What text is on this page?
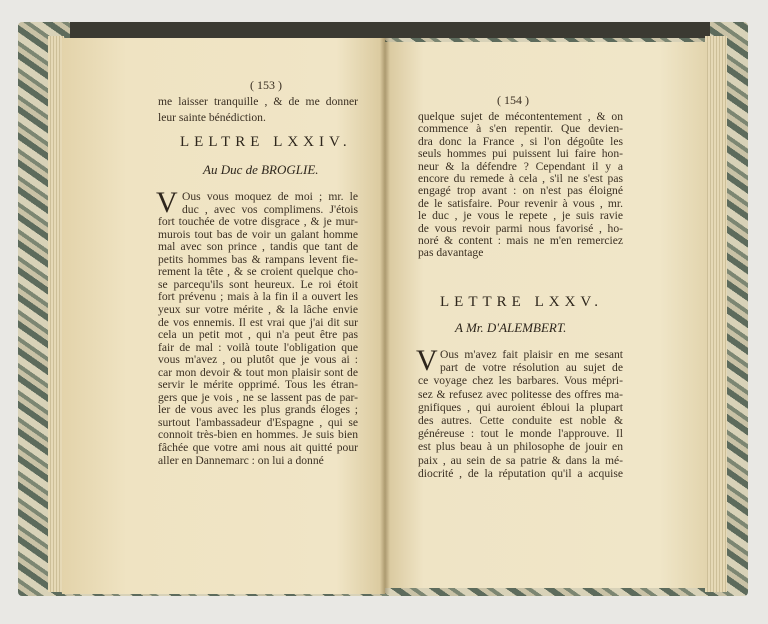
( 153 )
me laisser tranquille , & de me donner
leur sainte bénédiction.
LELTRE LXXIV.
Au Duc de BROGLIE.
V Ous vous moquez de moi ; mr. le
duc , avec vos complimens. J'étois
fort touchée de votre disgrace , & je mur-
murois tout bas de voir un galant homme
mal avec son prince , tandis que tant de
petits hommes bas & rampans levent fie-
rement la tête , & se croient quelque cho-
se parcequ'ils sont heureux. Le roi étoit
fort prévenu ; mais à la fin il a ouvert les
yeux sur votre mérite , & la lâche envie
de vos ennemis. Il est vrai que j'ai dit sur
cela un petit mot , qui n'a peut être pas
fair de mal : voilà toute l'obligation que
vous m'avez , ou plutôt que je vous ai :
car mon devoir & tout mon plaisir sont de
servir le mérite opprimé. Tous les étran-
gers que je vois , ne se lassent pas de par-
ler de vous avec les plus grands éloges ;
surtout l'ambassadeur d'Espagne , qui se
connoit très-bien en hommes. Je suis bien
fâchée que votre ami nous ait quitté pour
aller en Dannemarc : on lui a donné
( 154 )
quelque sujet de mécontentement , & on
commence à s'en repentir. Que devien-
dra donc la France , si l'on dégoûte les
seuls hommes pui puissent lui faire hon-
neur & la défendre ? Cependant il y a
encore du remede à cela , s'il ne s'est pas
engagé trop avant : on n'est pas éloigné
de le satisfaire. Pour revenir à vous , mr.
le duc , je vous le repete , je suis ravie
de vous revoir parmi nous favorisé , ho-
noré & content : mais ne m'en remerciez
pas davantage
LETTRE LXXV.
A Mr. D'ALEMBERT.
V Ous m'avez fait plaisir en me sesant
part de votre résolution au sujet de
ce voyage chez les barbares. Vous mépri-
sez & refusez avec politesse des offres ma-
gnifiques , qui auroient ébloui la plupart
des autres. Cette conduite est noble &
généreuse : tout le monde l'approuve. Il
est plus beau à un philosophe de jouir en
paix , au sein de sa patrie & dans la mé-
diocrité , de la réputation qu'il a acquise
